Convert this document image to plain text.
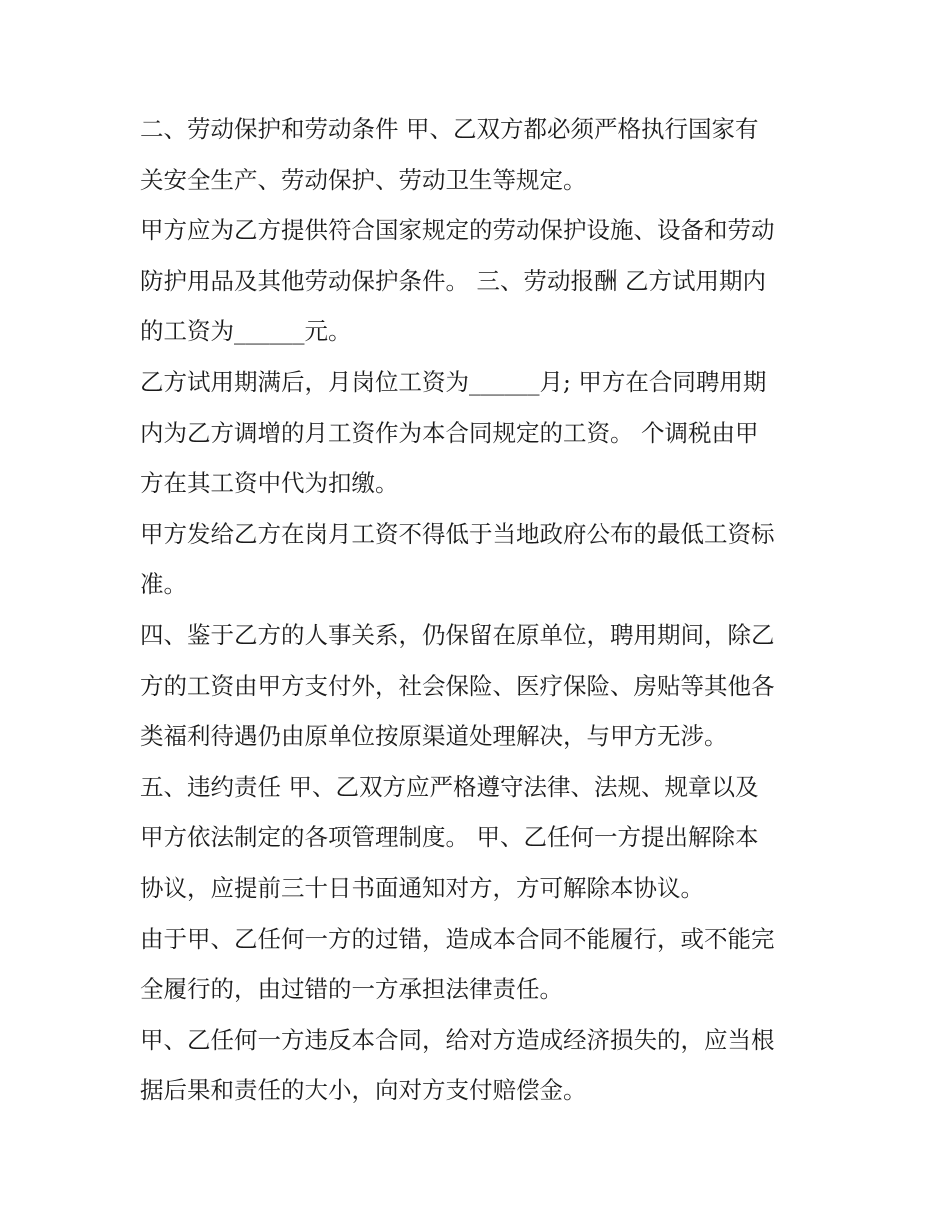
二、劳动保护和劳动条件 甲、乙双方都必须严格执行国家有
关安全生产、劳动保护、劳动卫生等规定。
甲方应为乙方提供符合国家规定的劳动保护设施、设备和劳动
防护用品及其他劳动保护条件。 三、劳动报酬 乙方试用期内
的工资为______元。
乙方试用期满后，月岗位工资为______月; 甲方在合同聘用期
内为乙方调增的月工资作为本合同规定的工资。 个调税由甲
方在其工资中代为扣缴。
甲方发给乙方在岗月工资不得低于当地政府公布的最低工资标
准。
四、鉴于乙方的人事关系，仍保留在原单位，聘用期间，除乙
方的工资由甲方支付外，社会保险、医疗保险、房贴等其他各
类福利待遇仍由原单位按原渠道处理解决，与甲方无涉。
五、违约责任 甲、乙双方应严格遵守法律、法规、规章以及
甲方依法制定的各项管理制度。 甲、乙任何一方提出解除本
协议，应提前三十日书面通知对方，方可解除本协议。
由于甲、乙任何一方的过错，造成本合同不能履行，或不能完
全履行的，由过错的一方承担法律责任。
甲、乙任何一方违反本合同，给对方造成经济损失的，应当根
据后果和责任的大小，向对方支付赔偿金。
